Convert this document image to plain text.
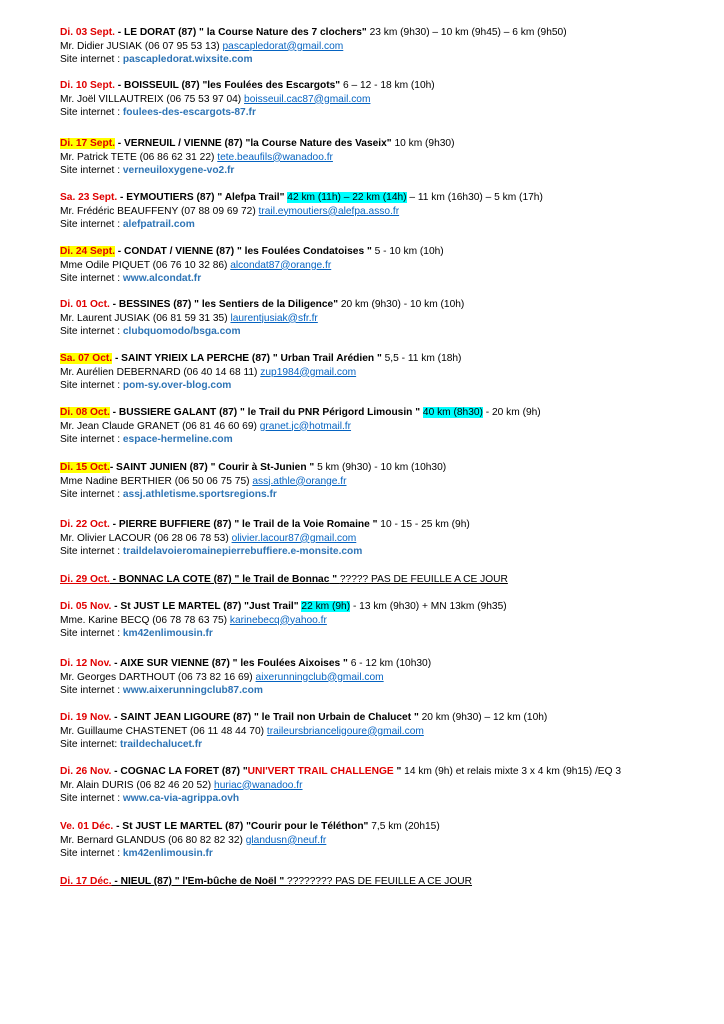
Di. 03 Sept. - LE DORAT (87) " la Course Nature des 7 clochers" 23 km (9h30) – 10 km (9h45) – 6 km (9h50)
Mr. Didier JUSIAK (06 07 95 53 13) pascapledorat@gmail.com
Site internet : pascapledorat.wixsite.com
Di. 10 Sept. - BOISSEUIL (87) "les Foulées des Escargots" 6 – 12 - 18 km (10h)
Mr. Joël VILLAUTREIX (06 75 53 97 04) boisseuil.cac87@gmail.com
Site internet : foulees-des-escargots-87.fr
Di. 17 Sept. - VERNEUIL / VIENNE (87) "la Course Nature des Vaseix" 10 km (9h30)
Mr. Patrick TETE (06 86 62 31 22) tete.beaufils@wanadoo.fr
Site internet : verneuiloxygene-vo2.fr
Sa. 23 Sept. - EYMOUTIERS (87) " Alefpa Trail" 42 km (11h) – 22 km (14h) – 11 km (16h30) – 5 km (17h)
Mr. Frédéric BEAUFFENY (07 88 09 69 72) trail.eymoutiers@alefpa.asso.fr
Site internet : alefpatrail.com
Di. 24 Sept. - CONDAT / VIENNE (87) " les Foulées Condatoises " 5 - 10 km (10h)
Mme Odile PIQUET (06 76 10 32 86) alcondat87@orange.fr
Site internet : www.alcondat.fr
Di. 01 Oct. - BESSINES (87) " les Sentiers de la Diligence" 20 km (9h30) - 10 km (10h)
Mr. Laurent JUSIAK (06 81 59 31 35) laurentjusiak@sfr.fr
Site internet : clubquomodo/bsga.com
Sa. 07 Oct. - SAINT YRIEIX LA PERCHE (87) " Urban Trail Arédien " 5,5 - 11 km (18h)
Mr. Aurélien DEBERNARD (06 40 14 68 11) zup1984@gmail.com
Site internet : pom-sy.over-blog.com
Di. 08 Oct. - BUSSIERE GALANT (87) " le Trail du PNR Périgord Limousin " 40 km (8h30) - 20 km (9h)
Mr. Jean Claude GRANET (06 81 46 60 69) granet.jc@hotmail.fr
Site internet : espace-hermeline.com
Di. 15 Oct.- SAINT JUNIEN (87) " Courir à St-Junien " 5 km (9h30) - 10 km (10h30)
Mme Nadine BERTHIER (06 50 06 75 75) assj.athle@orange.fr
Site internet : assj.athletisme.sportsregions.fr
Di. 22 Oct. - PIERRE BUFFIERE (87) " le Trail de la Voie Romaine " 10 - 15 - 25 km (9h)
Mr. Olivier LACOUR (06 28 06 78 53) olivier.lacour87@gmail.com
Site internet : traildelavoieromainepierrebuffiere.e-monsite.com
Di. 29 Oct. - BONNAC LA COTE (87) " le Trail de Bonnac " ????? PAS DE FEUILLE A CE JOUR
Di. 05 Nov. - St JUST LE MARTEL (87) "Just Trail" 22 km (9h) - 13 km (9h30) + MN 13km (9h35)
Mme. Karine BECQ (06 78 78 63 75) karinebecq@yahoo.fr
Site internet : km42enlimousin.fr
Di. 12 Nov. - AIXE SUR VIENNE (87) " les Foulées Aixoises " 6 - 12 km (10h30)
Mr. Georges DARTHOUT (06 73 82 16 69) aixerunningclub@gmail.com
Site internet : www.aixerunningclub87.com
Di. 19 Nov. - SAINT JEAN LIGOURE (87) " le Trail non Urbain de Chalucet " 20 km (9h30) – 12 km (10h)
Mr. Guillaume CHASTENET (06 11 48 44 70) traileursbrianceligoure@gmail.com
Site internet: traildechalucet.fr
Di. 26 Nov. - COGNAC LA FORET (87) "UNI'VERT TRAIL CHALLENGE " 14 km (9h) et relais mixte 3 x 4 km (9h15) /EQ 3
Mr. Alain DURIS (06 82 46 20 52) huriac@wanadoo.fr
Site internet : www.ca-via-agrippa.ovh
Ve. 01 Déc. - St JUST LE MARTEL (87) "Courir pour le Téléthon" 7,5 km (20h15)
Mr. Bernard GLANDUS (06 80 82 82 32) glandusn@neuf.fr
Site internet : km42enlimousin.fr
Di. 17 Déc. - NIEUL (87) " l'Em-bûche de Noël " ???????? PAS DE FEUILLE A CE JOUR
